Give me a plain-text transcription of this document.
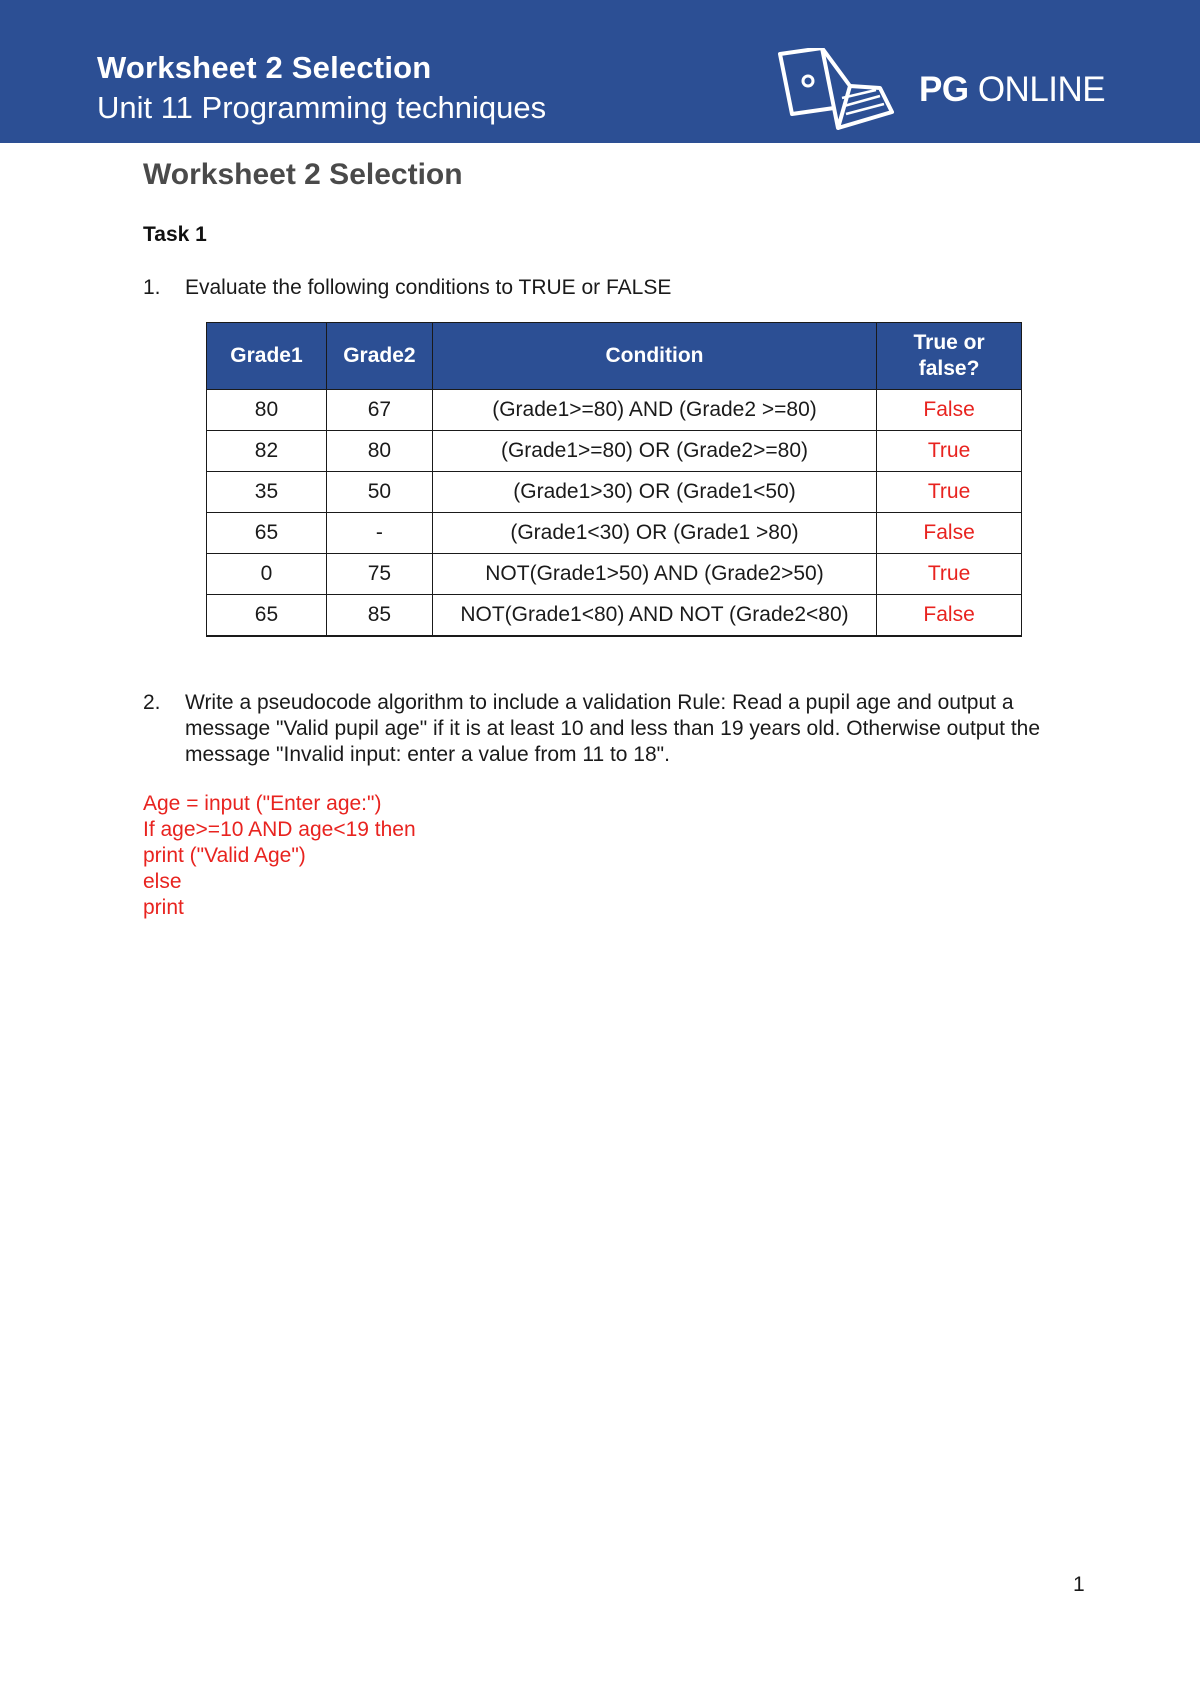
Worksheet 2 Selection
Unit 11 Programming techniques	PG ONLINE
Worksheet 2 Selection
Task 1
1. Evaluate the following conditions to TRUE or FALSE
Grade1	Grade2	Condition	True or false?
80	67	(Grade1>=80) AND (Grade2 >=80)	False
82	80	(Grade1>=80) OR (Grade2>=80)	True
35	50	(Grade1>30) OR (Grade1<50)	True
65	-	(Grade1<30) OR (Grade1 >80)	False
0	75	NOT(Grade1>50) AND (Grade2>50)	True
65	85	NOT(Grade1<80) AND NOT (Grade2<80)	False
2. Write a pseudocode algorithm to include a validation Rule: Read a pupil age and output a message "Valid pupil age" if it is at least 10 and less than 19 years old. Otherwise output the message "Invalid input: enter a value from 11 to 18".
Age = input ("Enter age:")
If age>=10 AND age<19 then
print ("Valid Age")
else
print
1
